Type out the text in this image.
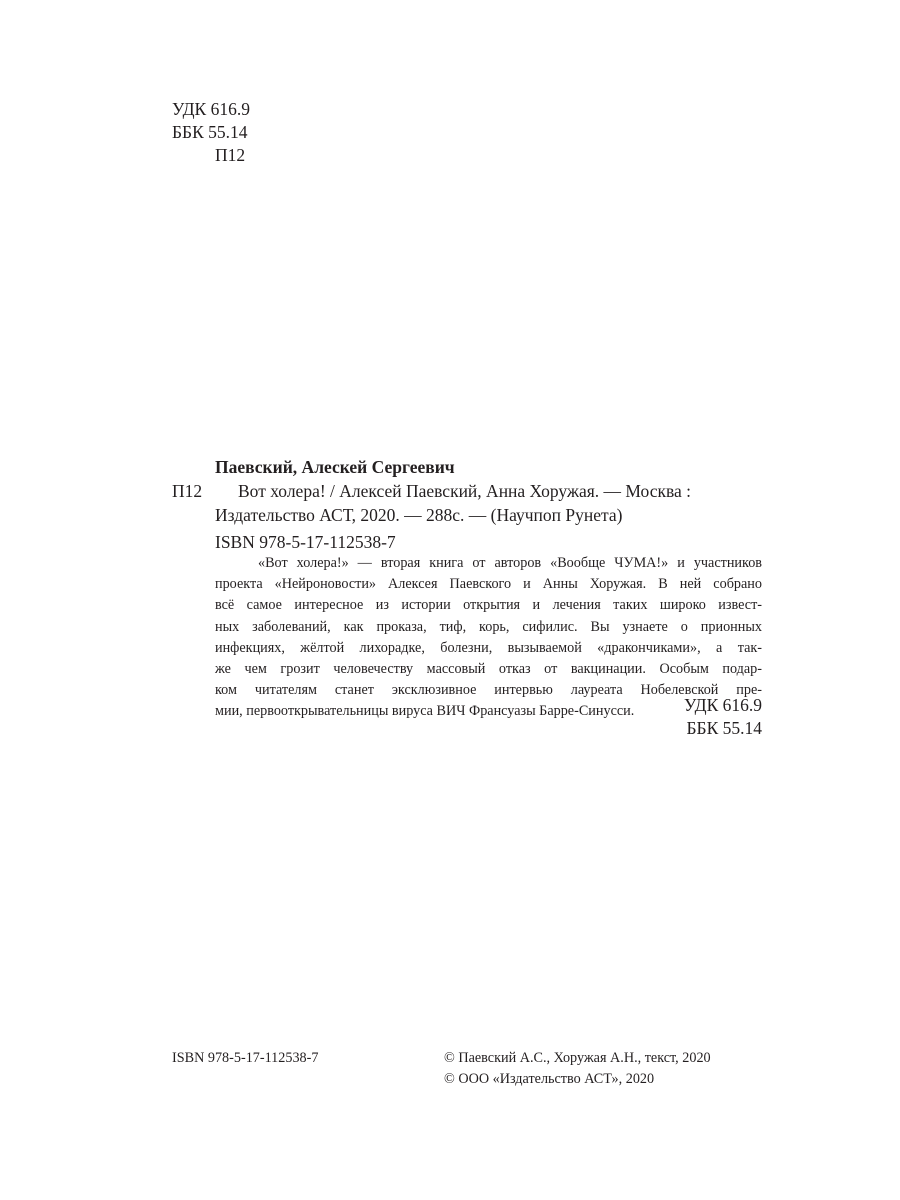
УДК 616.9
ББК 55.14
П12
Паевский, Алескей Сергеевич
П12 Вот холера! / Алексей Паевский, Анна Хоружая. — Москва :
Издательство АСТ, 2020. — 288с. — (Научпоп Рунета)
ISBN 978-5-17-112538-7
«Вот холера!» — вторая книга от авторов «Вообще ЧУМА!» и участников
проекта «Нейроновости» Алексея Паевского и Анны Хоружая. В ней собрано
всё самое интересное из истории открытия и лечения таких широко извест-
ных заболеваний, как проказа, тиф, корь, сифилис. Вы узнаете о прионных
инфекциях, жёлтой лихорадке, болезни, вызываемой «дракончиками», а так-
же чем грозит человечеству массовый отказ от вакцинации. Особым подар-
ком читателям станет эксклюзивное интервью лауреата Нобелевской пре-
мии, первооткрывательницы вируса ВИЧ Франсуазы Барре-Синусси.	УДК 616.9
ББК 55.14
ISBN 978-5-17-112538-7	© Паевский А.С., Хоружая А.Н., текст, 2020
© ООО «Издательство АСТ», 2020
